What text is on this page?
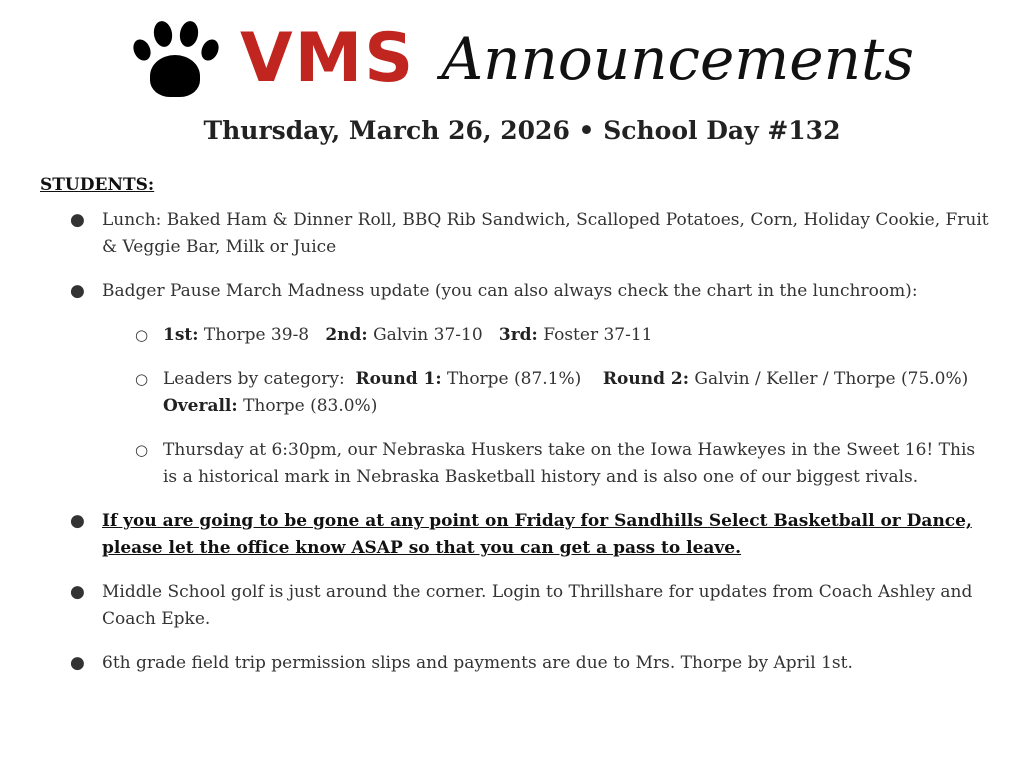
VMS Announcements
Thursday, March 26, 2026 • School Day #132
STUDENTS:
● Lunch: Baked Ham & Dinner Roll, BBQ Rib Sandwich, Scalloped Potatoes, Corn, Holiday Cookie, Fruit & Veggie Bar, Milk or Juice
● Badger Pause March Madness update (you can also always check the chart in the lunchroom):
○ 1st: Thorpe 39-8   2nd: Galvin 37-10   3rd: Foster 37-11
○ Leaders by category:  Round 1: Thorpe (87.1%)    Round 2: Galvin / Keller / Thorpe (75.0%)    Overall: Thorpe (83.0%)
○ Thursday at 6:30pm, our Nebraska Huskers take on the Iowa Hawkeyes in the Sweet 16! This is a historical mark in Nebraska Basketball history and is also one of our biggest rivals.
● If you are going to be gone at any point on Friday for Sandhills Select Basketball or Dance, please let the office know ASAP so that you can get a pass to leave.
● Middle School golf is just around the corner. Login to Thrillshare for updates from Coach Ashley and Coach Epke.
● 6th grade field trip permission slips and payments are due to Mrs. Thorpe by April 1st.
